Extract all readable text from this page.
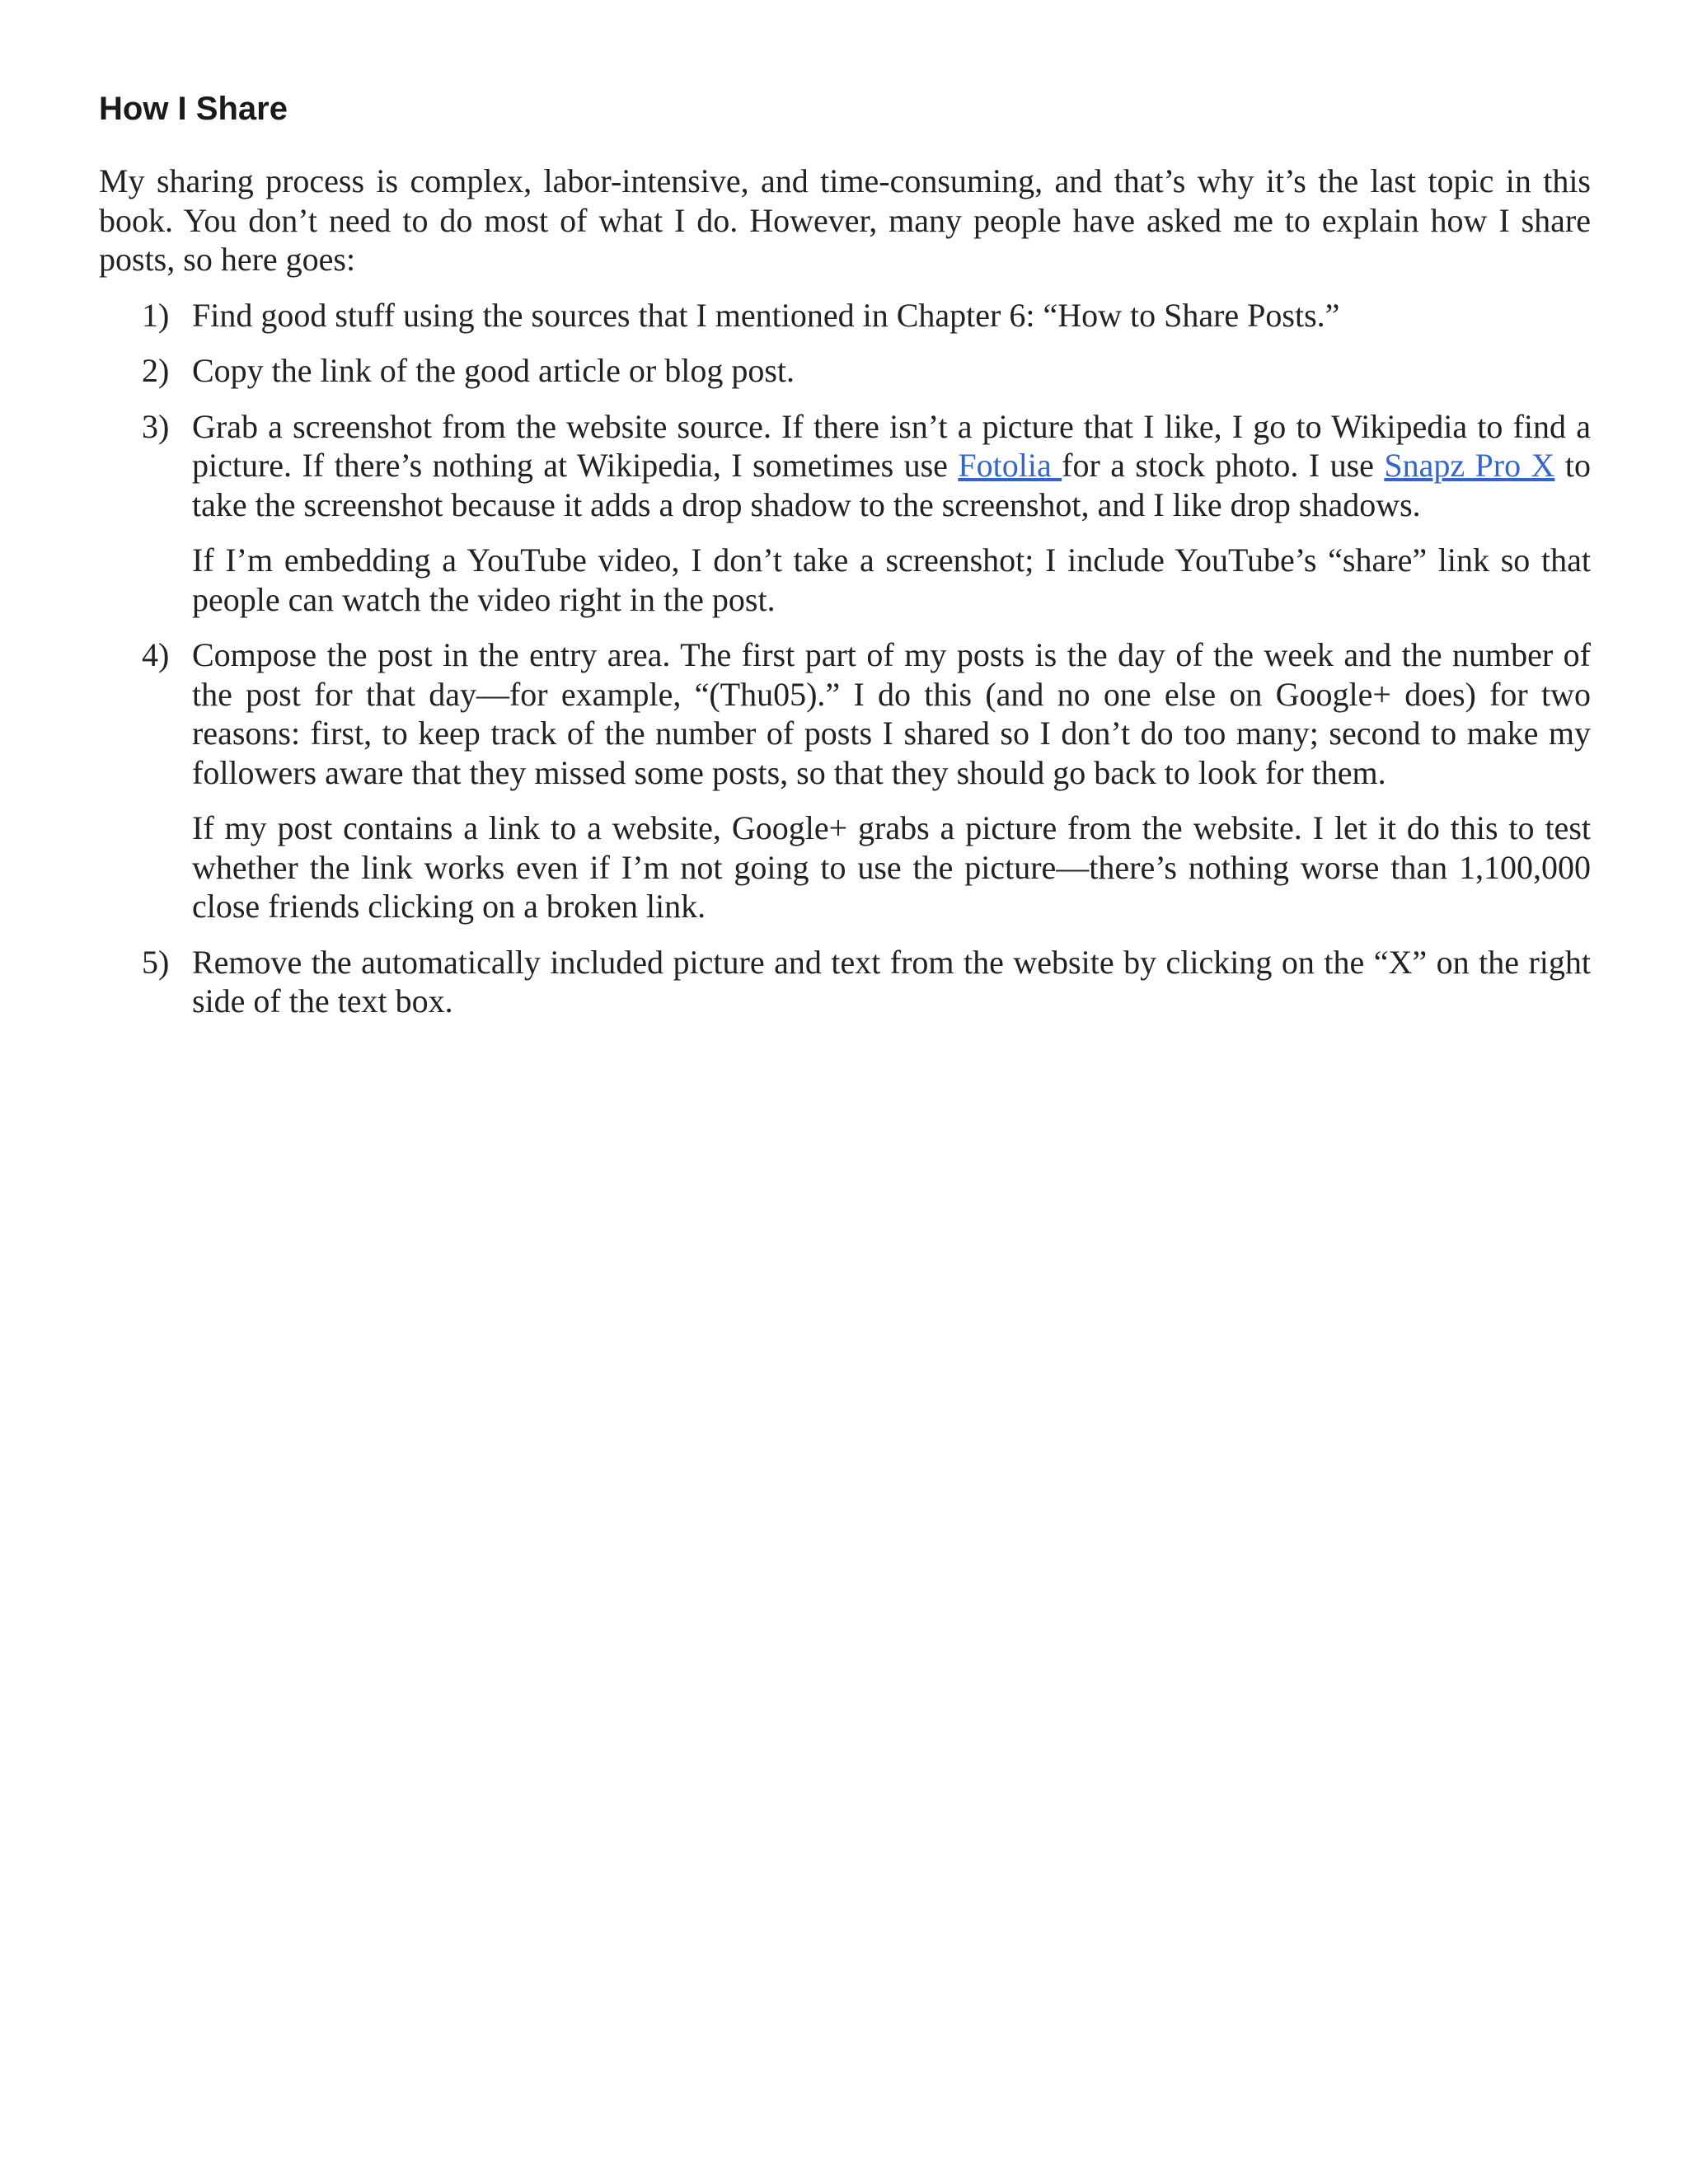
How I Share

My sharing process is complex, labor-intensive, and time-consuming, and that’s why it’s the last topic in this book. You don’t need to do most of what I do. However, many people have asked me to explain how I share posts, so here goes:

1) Find good stuff using the sources that I mentioned in Chapter 6: “How to Share Posts.”

2) Copy the link of the good article or blog post.

3) Grab a screenshot from the website source. If there isn’t a picture that I like, I go to Wikipedia to find a picture. If there’s nothing at Wikipedia, I sometimes use Fotolia for a stock photo. I use Snapz Pro X to take the screenshot because it adds a drop shadow to the screenshot, and I like drop shadows.

If I’m embedding a YouTube video, I don’t take a screenshot; I include YouTube’s “share” link so that people can watch the video right in the post.

4) Compose the post in the entry area. The first part of my posts is the day of the week and the number of the post for that day—for example, “(Thu05).” I do this (and no one else on Google+ does) for two reasons: first, to keep track of the number of posts I shared so I don’t do too many; second to make my followers aware that they missed some posts, so that they should go back to look for them.

If my post contains a link to a website, Google+ grabs a picture from the website. I let it do this to test whether the link works even if I’m not going to use the picture—there’s nothing worse than 1,100,000 close friends clicking on a broken link.

5) Remove the automatically included picture and text from the website by clicking on the “X” on the right side of the text box.
